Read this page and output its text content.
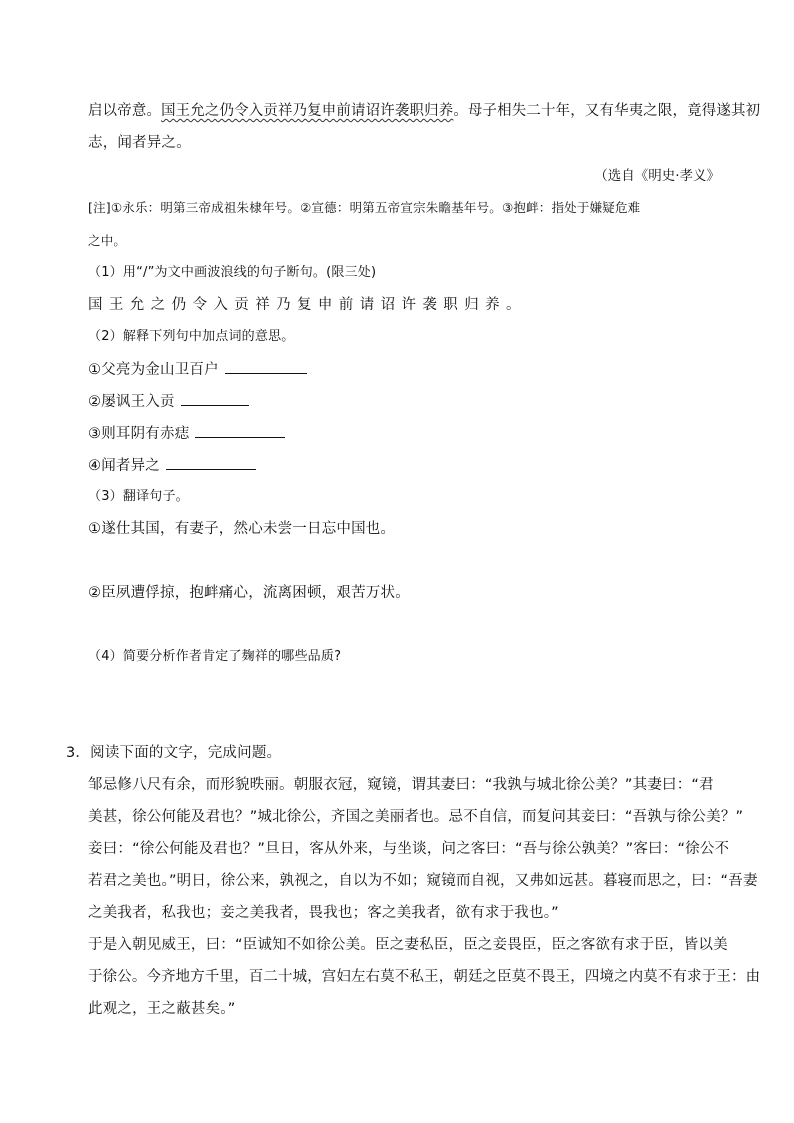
启以帝意。国王允之仍令入贡祥乃复申前请诏许袭职归养。母子相失二十年，又有华夷之限，竟得遂其初
志，闻者异之。
（选自《明史·孝义》
[注]①永乐：明第三帝成祖朱棣年号。②宣德：明第五帝宣宗朱瞻基年号。③抱衅：指处于嫌疑危难
之中。
（1）用“/”为文中画波浪线的句子断句。(限三处)
国王允之仍令入贡祥乃复申前请诏许袭职归养。
（2）解释下列句中加点词的意思。
①父亮为金山卫百户
②屡讽王入贡
③则耳阴有赤痣
④闻者异之
（3）翻译句子。
①遂仕其国，有妻子，然心未尝一日忘中国也。
②臣夙遭俘掠，抱衅痛心，流离困顿，艰苦万状。
（4）简要分析作者肯定了麹祥的哪些品质?
3．阅读下面的文字，完成问题。
邹忌修八尺有余，而形貌昳丽。朝服衣冠，窥镜，谓其妻曰：“我孰与城北徐公美？”其妻曰：“君
美甚，徐公何能及君也？”城北徐公，齐国之美丽者也。忌不自信，而复问其妾曰：“吾孰与徐公美？”
妾曰：“徐公何能及君也？”旦日，客从外来，与坐谈，问之客曰：“吾与徐公孰美？”客曰：“徐公不
若君之美也。”明日，徐公来，孰视之，自以为不如；窥镜而自视，又弗如远甚。暮寝而思之，曰：“吾妻
之美我者，私我也；妾之美我者，畏我也；客之美我者，欲有求于我也。”
于是入朝见威王，曰：“臣诚知不如徐公美。臣之妻私臣，臣之妾畏臣，臣之客欲有求于臣，皆以美
于徐公。今齐地方千里，百二十城，宫妇左右莫不私王，朝廷之臣莫不畏王，四境之内莫不有求于王：由
此观之，王之蔽甚矣。”
